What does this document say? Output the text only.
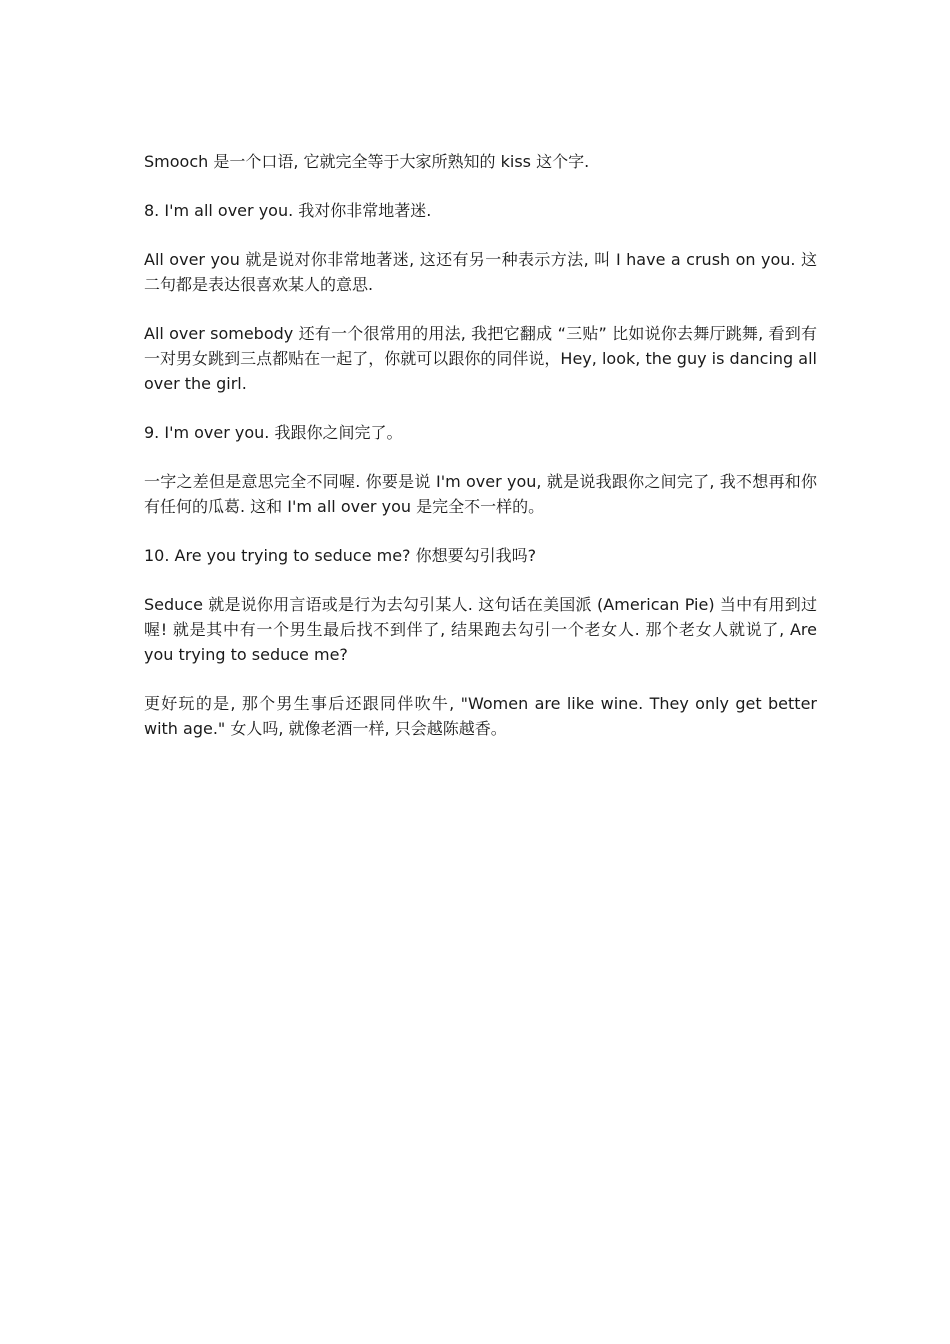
Smooch 是一个口语, 它就完全等于大家所熟知的 kiss 这个字.

8. I'm all over you. 我对你非常地著迷.

All over you 就是说对你非常地著迷, 这还有另一种表示方法, 叫 I have a crush on you. 这二句都是表达很喜欢某人的意思.

All over somebody 还有一个很常用的用法, 我把它翻成 “三贴” 比如说你去舞厅跳舞, 看到有一对男女跳到三点都贴在一起了，你就可以跟你的同伴说，Hey, look, the guy is dancing all over the girl.

9. I'm over you. 我跟你之间完了。

一字之差但是意思完全不同喔. 你要是说 I'm over you, 就是说我跟你之间完了, 我不想再和你有任何的瓜葛. 这和 I'm all over you 是完全不一样的。

10. Are you trying to seduce me? 你想要勾引我吗?

Seduce 就是说你用言语或是行为去勾引某人. 这句话在美国派 (American Pie) 当中有用到过喔! 就是其中有一个男生最后找不到伴了, 结果跑去勾引一个老女人. 那个老女人就说了, Are you trying to seduce me?

更好玩的是, 那个男生事后还跟同伴吹牛, "Women are like wine. They only get better with age." 女人吗, 就像老酒一样, 只会越陈越香。
